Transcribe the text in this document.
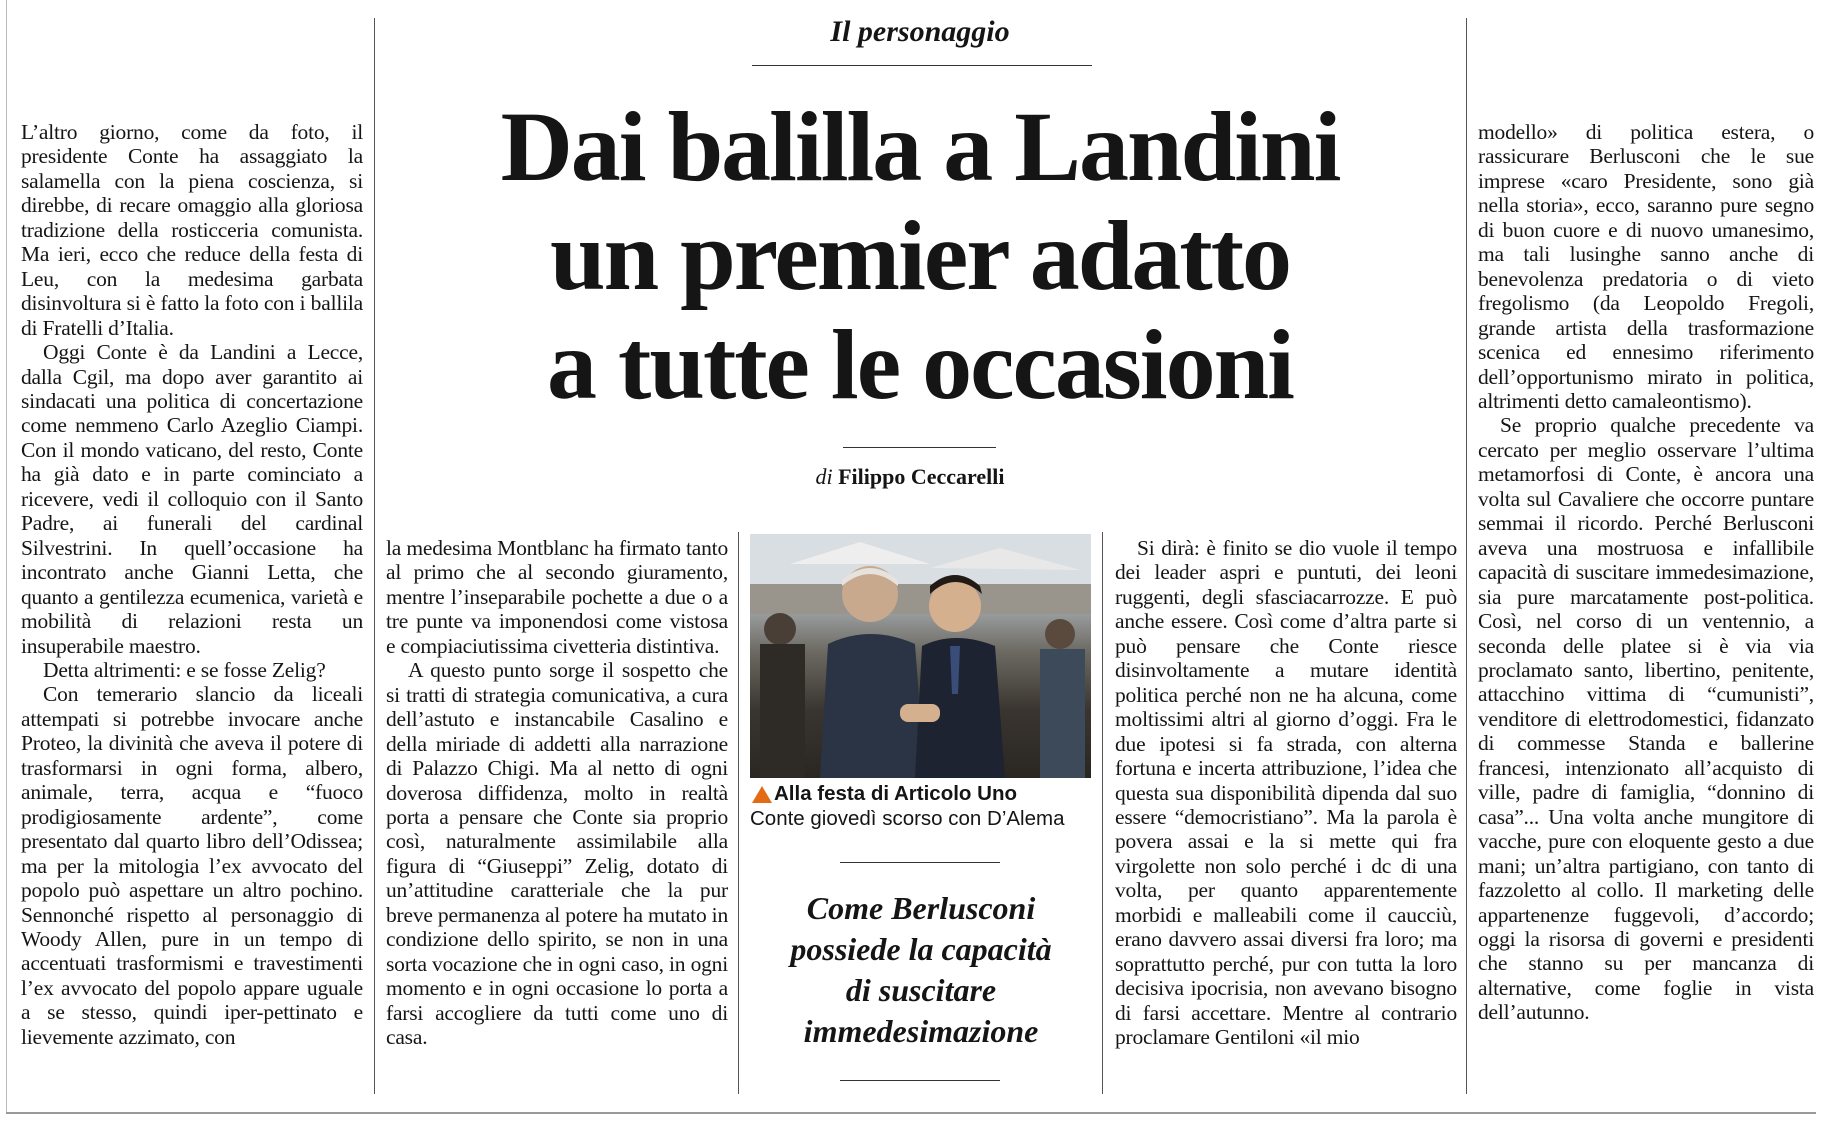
Il personaggio
Dai balilla a Landini
un premier adatto
a tutte le occasioni
di Filippo Ceccarelli

L’altro giorno, come da foto, il presidente Conte ha assaggiato la salamella con la piena coscienza, si direbbe, di recare omaggio alla gloriosa tradizione della rosticceria comunista. Ma ieri, ecco che reduce della festa di Leu, con la medesima garbata disinvoltura si è fatto la foto con i ballila di Fratelli d’Italia.

Oggi Conte è da Landini a Lecce, dalla Cgil, ma dopo aver garantito ai sindacati una politica di concertazione come nemmeno Carlo Azeglio Ciampi. Con il mondo vaticano, del resto, Conte ha già dato e in parte cominciato a ricevere, vedi il colloquio con il Santo Padre, ai funerali del cardinal Silvestrini. In quell’occasione ha incontrato anche Gianni Letta, che quanto a gentilezza ecumenica, varietà e mobilità di relazioni resta un insuperabile maestro.

Detta altrimenti: e se fosse Zelig?

Con temerario slancio da liceali attempati si potrebbe invocare anche Proteo, la divinità che aveva il potere di trasformarsi in ogni forma, albero, animale, terra, acqua e “fuoco prodigiosamente ardente”, come presentato dal quarto libro dell’Odissea; ma per la mitologia l’ex avvocato del popolo può aspettare un altro pochino. Sennonché rispetto al personaggio di Woody Allen, pure in un tempo di accentuati trasformismi e travestimenti l’ex avvocato del popolo appare uguale a se stesso, quindi iper-pettinato e lievemente azzimato, con

la medesima Montblanc ha firmato tanto al primo che al secondo giuramento, mentre l’inseparabile pochette a due o a tre punte va imponendosi come vistosa e compiaciutissima civetteria distintiva.

A questo punto sorge il sospetto che si tratti di strategia comunicativa, a cura dell’astuto e instancabile Casalino e della miriade di addetti alla narrazione di Palazzo Chigi. Ma al netto di ogni doverosa diffidenza, molto in realtà porta a pensare che Conte sia proprio così, naturalmente assimilabile alla figura di “Giuseppi” Zelig, dotato di un’attitudine caratteriale che la pur breve permanenza al potere ha mutato in condizione dello spirito, se non in una sorta vocazione che in ogni caso, in ogni momento e in ogni occasione lo porta a farsi accogliere da tutti come uno di casa.

Alla festa di Articolo Uno
Conte giovedì scorso con D’Alema
Come Berlusconi
possiede la capacità
di suscitare
immedesimazione

Si dirà: è finito se dio vuole il tempo dei leader aspri e puntuti, dei leoni ruggenti, degli sfasciacarrozze. E può anche essere. Così come d’altra parte si può pensare che Conte riesce disinvoltamente a mutare identità politica perché non ne ha alcuna, come moltissimi altri al giorno d’oggi. Fra le due ipotesi si fa strada, con alterna fortuna e incerta attribuzione, l’idea che questa sua disponibilità dipenda dal suo essere “democristiano”. Ma la parola è povera assai e la si mette qui fra virgolette non solo perché i dc di una volta, per quanto apparentemente morbidi e malleabili come il caucciù, erano davvero assai diversi fra loro; ma soprattutto perché, pur con tutta la loro decisiva ipocrisia, non avevano bisogno di farsi accettare. Mentre al contrario proclamare Gentiloni «il mio

modello» di politica estera, o rassicurare Berlusconi che le sue imprese «caro Presidente, sono già nella storia», ecco, saranno pure segno di buon cuore e di nuovo umanesimo, ma tali lusinghe sanno anche di benevolenza predatoria o di vieto fregolismo (da Leopoldo Fregoli, grande artista della trasformazione scenica ed ennesimo riferimento dell’opportunismo mirato in politica, altrimenti detto camaleontismo).

Se proprio qualche precedente va cercato per meglio osservare l’ultima metamorfosi di Conte, è ancora una volta sul Cavaliere che occorre puntare semmai il ricordo. Perché Berlusconi aveva una mostruosa e infallibile capacità di suscitare immedesimazione, sia pure marcatamente post-politica. Così, nel corso di un ventennio, a seconda delle platee si è via via proclamato santo, libertino, penitente, attacchino vittima di “cumunisti”, venditore di elettrodomestici, fidanzato di commesse Standa e ballerine francesi, intenzionato all’acquisto di ville, padre di famiglia, “donnino di casa”... Una volta anche mungitore di vacche, pure con eloquente gesto a due mani; un’altra partigiano, con tanto di fazzoletto al collo. Il marketing delle appartenenze fuggevoli, d’accordo; oggi la risorsa di governi e presidenti che stanno su per mancanza di alternative, come foglie in vista dell’autunno.
